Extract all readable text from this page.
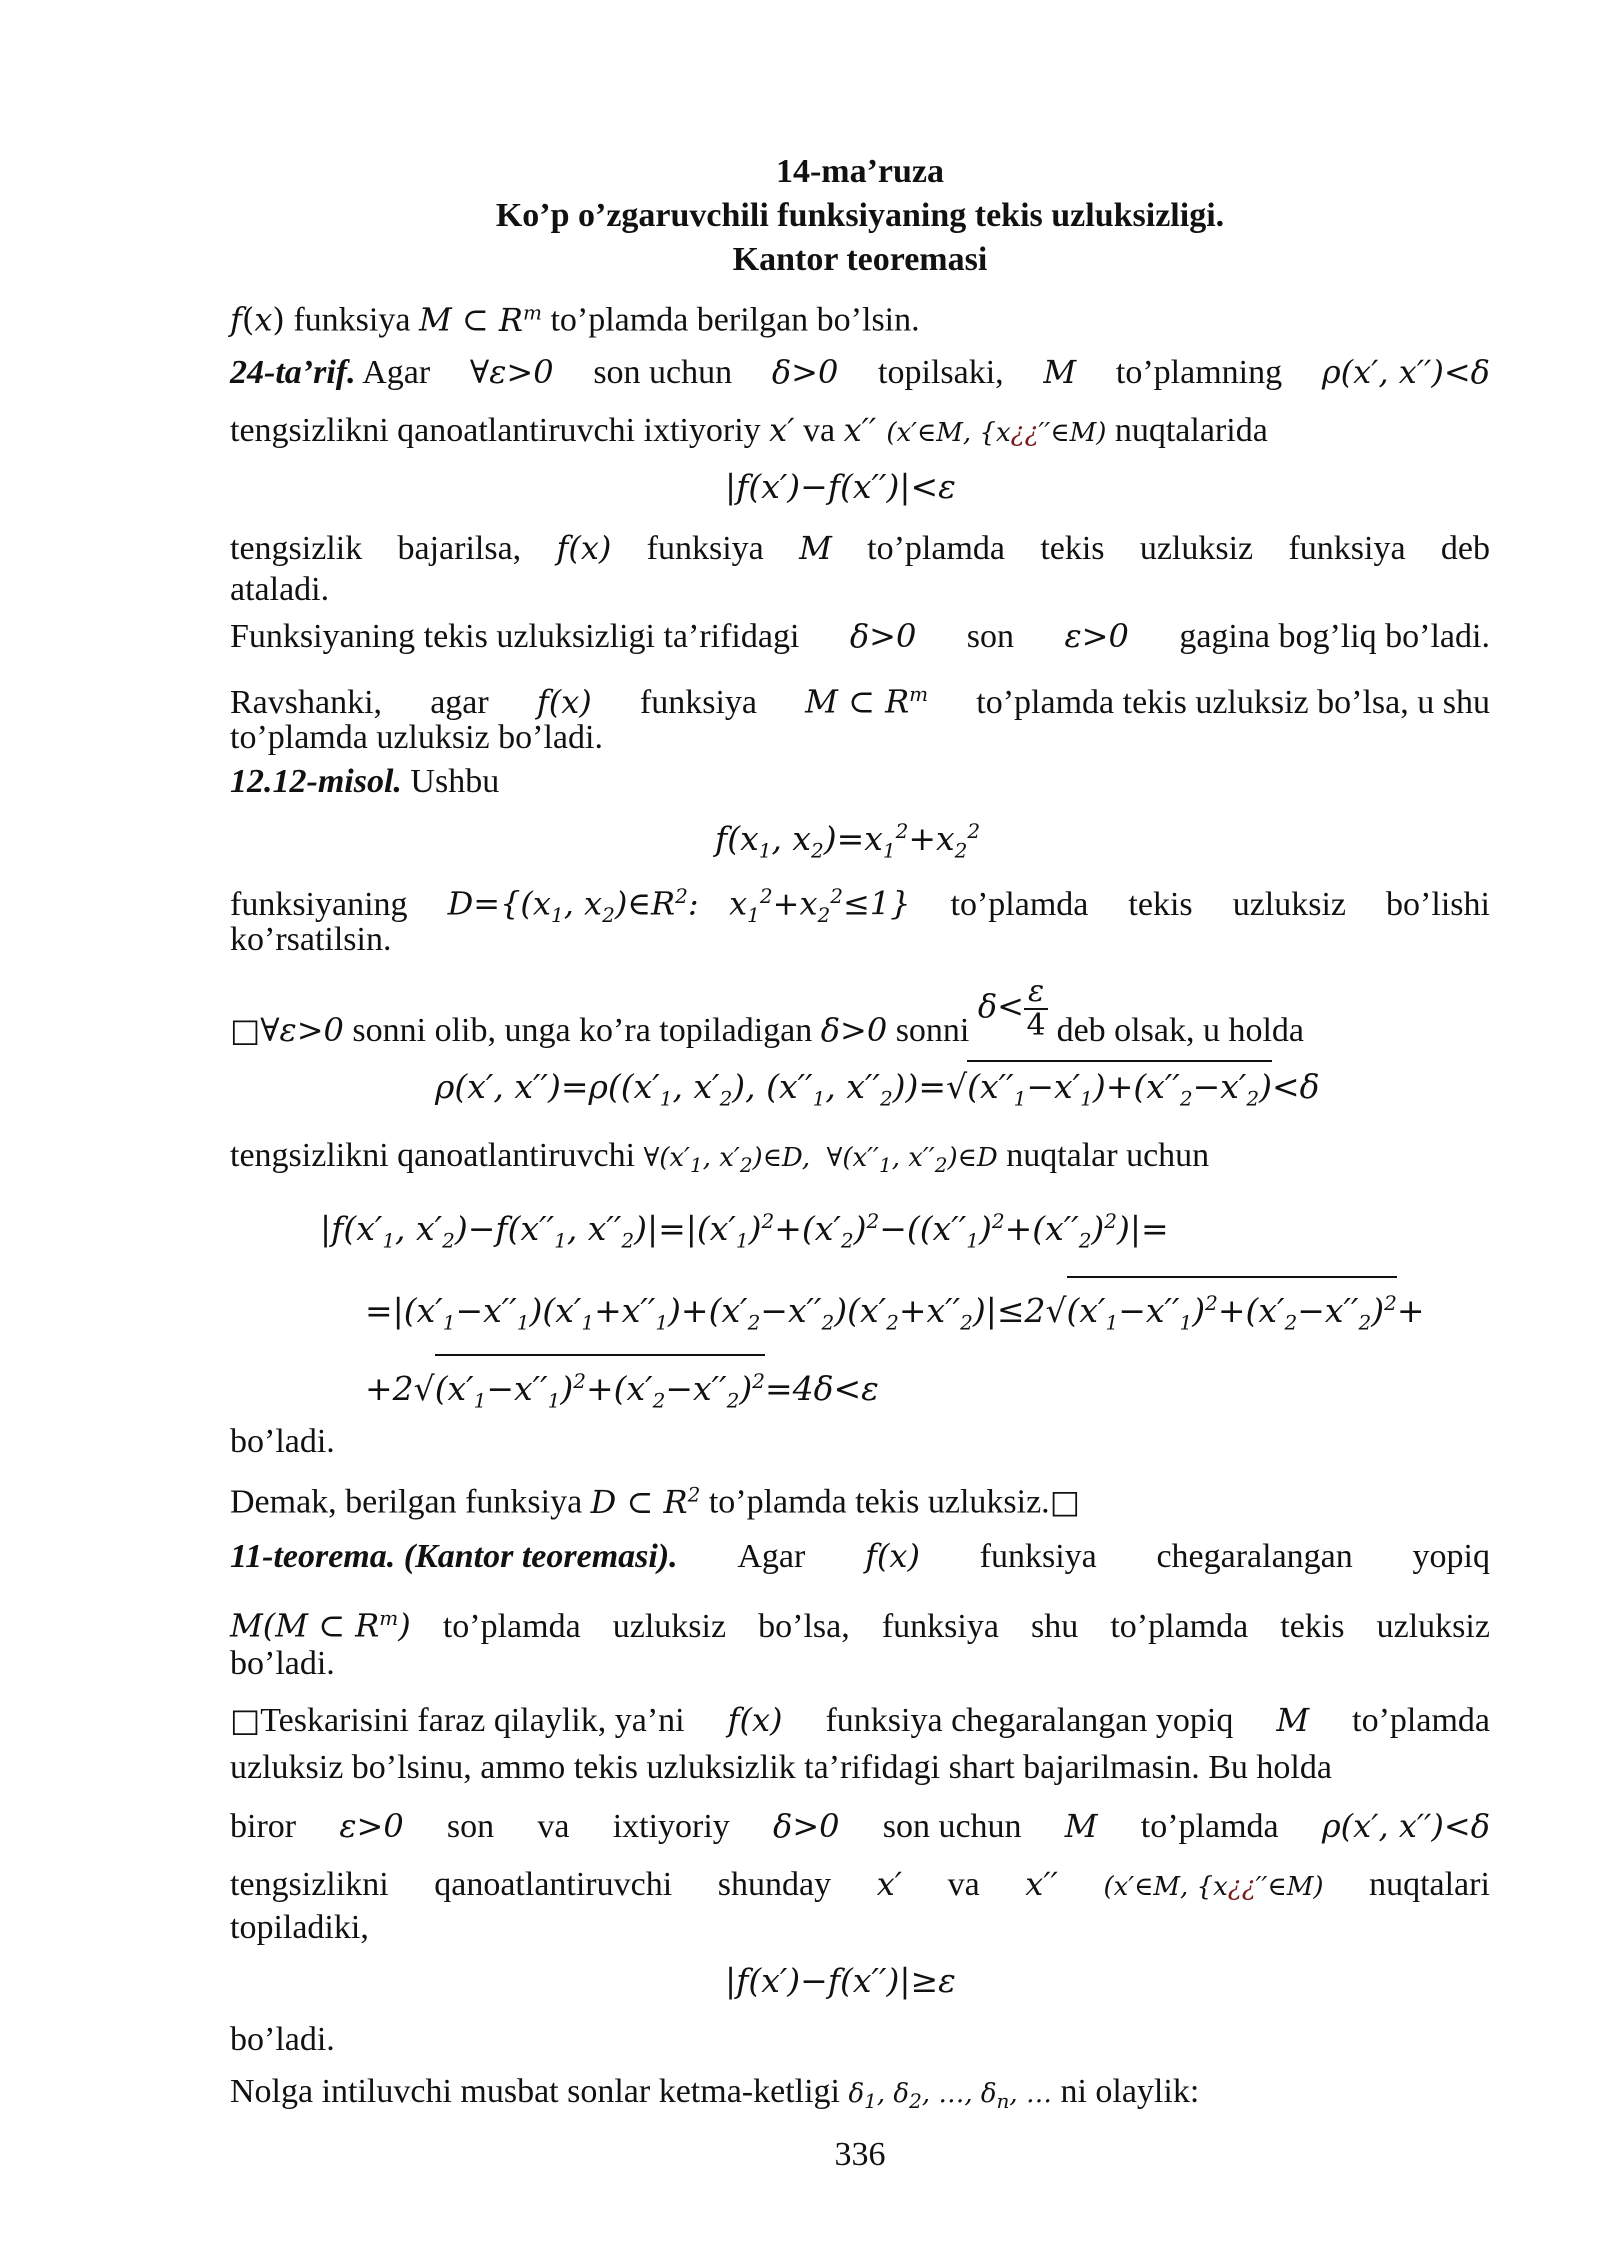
14-ma’ruza
Ko’p o’zgaruvchili funksiyaning tekis uzluksizligi.
Kantor teoremasi
f(x) funksiya M ⊂ $R^m$ to’plamda berilgan bo’lsin.
24-ta’rif. Agar ∀ε>0 son uchun δ>0 topilsaki, M to’plamning ρ(x′, x′′)<δ
tengsizlikni qanoatlantiruvchi ixtiyoriy x′ va x′′ (x′∈M, {x¿¿′′∈M) nuqtalarida
|f(x′)−f(x′′)|<ε
tengsizlik bajarilsa, f(x) funksiya M to’plamda tekis uzluksiz funksiya deb
ataladi.
Funksiyaning tekis uzluksizligi ta’rifidagi δ>0 son ε>0 gagina bog’liq bo’ladi.
Ravshanki, agar f(x) funksiya M ⊂ $R^m$ to’plamda tekis uzluksiz bo’lsa, u shu
to’plamda uzluksiz bo’ladi.
12.12-misol. Ushbu
$f(x_1$, $x_2)=x_1^2+x_2^2$
funksiyaning $D=\{(x_1$, $x_2)\in R^2$:   $x_1^2+x_2^2\le 1$} to’plamda tekis uzluksiz bo’lishi
ko’rsatilsin.
□∀ε>0 sonni olib, unga ko’ra topiladigan δ>0 sonni $\delta< \frac{\varepsilon}{4}$ deb olsak, u holda
ρ(x′, $x'')=\rho((x'_1$, $x'_2$), ($x''_1$, $x''_2))=√(x''_1-x'_1)+(x''_2-x'_2)<\delta$
tengsizlikni qanoatlantiruvchi $\forall(x'_1$, $x'_2)\in D$,  $\forall(x''_1$, $x''_2)\in D$ nuqtalar uchun
$|f(x'_1$, $x'_2)-f(x''_1$, $x''_2)|=|(x'_1)^2+(x'_2)^2-((x''_1)^2+(x''_2)^2)|=$
$=|(x'_1-x''_1)(x'_1+x''_1)+(x'_2-x''_2)(x'_2+x''_2)|\le 2√(x'_1-x''_1)^2+(x'_2-x''_2)^2+$
$+2√(x'_1-x''_1)^2+(x'_2-x''_2)^2=4\delta<\varepsilon$
bo’ladi.
Demak, berilgan funksiya D ⊂ $R^2$ to’plamda tekis uzluksiz.□
11-teorema. (Kantor teoremasi). Agar f(x) funksiya chegaralangan yopiq
M(M ⊂ $R^m$) to’plamda uzluksiz bo’lsa, funksiya shu to’plamda tekis uzluksiz
bo’ladi.
□Teskarisini faraz qilaylik, ya’ni f(x) funksiya chegaralangan yopiq M to’plamda
uzluksiz bo’lsinu, ammo tekis uzluksizlik ta’rifidagi shart bajarilmasin. Bu holda
biror ε>0 son va ixtiyoriy δ>0 son uchun M to’plamda ρ(x′, x′′)<δ
tengsizlikni qanoatlantiruvchi shunday x′ va x′′ (x′∈M, {x¿¿′′∈M) nuqtalari
topiladiki,
|f(x′)−f(x′′)|≥ε
bo’ladi.
Nolga intiluvchi musbat sonlar ketma-ketligi $\delta_1$, $\delta_2$, …, $\delta_n$, … ni olaylik:
336
